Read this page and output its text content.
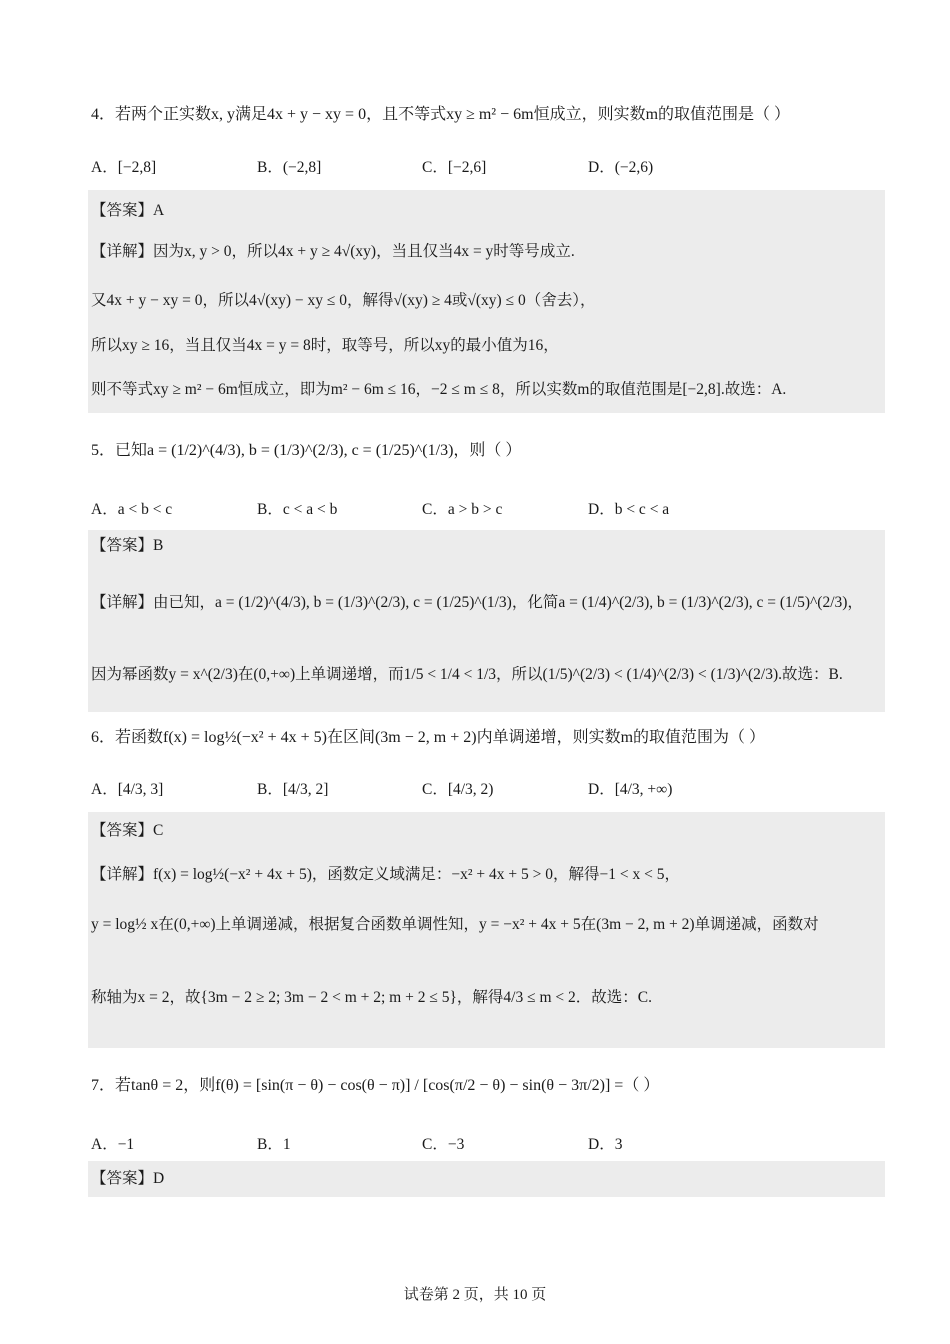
4．若两个正实数x, y满足4x + y − xy = 0，且不等式xy ≥ m² − 6m恒成立，则实数m的取值范围是（ ）
A．[−2,8]	B．(−2,8]	C．[−2,6]	D．(−2,6)
【答案】A
【详解】因为x, y > 0，所以4x + y ≥ 4√(xy)，当且仅当4x = y时等号成立.
又4x + y − xy = 0，所以4√(xy) − xy ≤ 0，解得√(xy) ≥ 4或√(xy) ≤ 0（舍去），
所以xy ≥ 16，当且仅当4x = y = 8时，取等号，所以xy的最小值为16，
则不等式xy ≥ m² − 6m恒成立，即为m² − 6m ≤ 16，−2 ≤ m ≤ 8，所以实数m的取值范围是[−2,8].故选：A.
5．已知a = (1/2)^(4/3), b = (1/3)^(2/3), c = (1/25)^(1/3)，则（ ）
A．a < b < c	B．c < a < b	C．a > b > c	D．b < c < a
【答案】B
【详解】由已知，a = (1/2)^(4/3), b = (1/3)^(2/3), c = (1/25)^(1/3)，化简a = (1/4)^(2/3), b = (1/3)^(2/3), c = (1/5)^(2/3)，
因为幂函数y = x^(2/3)在(0,+∞)上单调递增，而1/5 < 1/4 < 1/3，所以(1/5)^(2/3) < (1/4)^(2/3) < (1/3)^(2/3).故选：B.
6．若函数f(x) = log½(−x² + 4x + 5)在区间(3m − 2, m + 2)内单调递增，则实数m的取值范围为（ ）
A．[4/3, 3]	B．[4/3, 2]	C．[4/3, 2)	D．[4/3, +∞)
【答案】C
【详解】f(x) = log½(−x² + 4x + 5)，函数定义域满足：−x² + 4x + 5 > 0，解得−1 < x < 5，
y = log½ x在(0,+∞)上单调递减，根据复合函数单调性知，y = −x² + 4x + 5在(3m − 2, m + 2)单调递减，函数对
称轴为x = 2，故{3m − 2 ≥ 2; 3m − 2 < m + 2; m + 2 ≤ 5}，解得4/3 ≤ m < 2．故选：C.
7．若tanθ = 2，则f(θ) = [sin(π − θ) − cos(θ − π)] / [cos(π/2 − θ) − sin(θ − 3π/2)] =（ ）
A．−1	B．1	C．−3	D．3
【答案】D
试卷第 2 页，共 10 页
